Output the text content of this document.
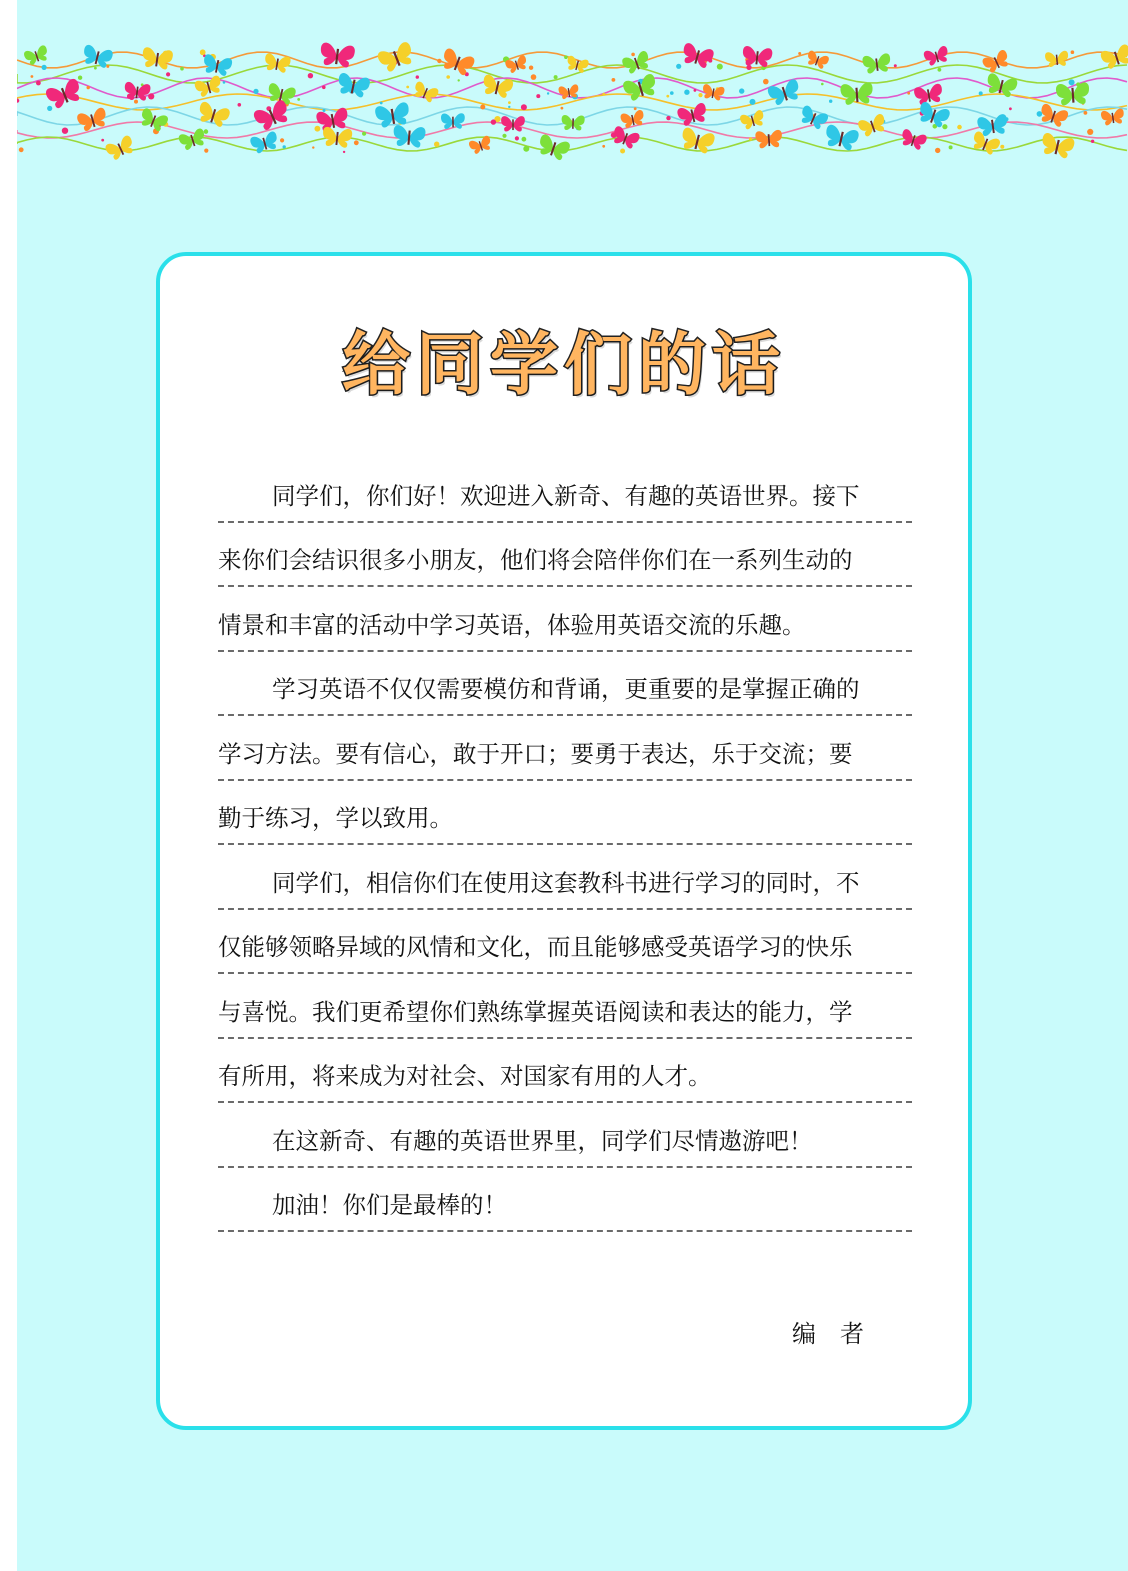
给同学们的话
同学们，你们好！欢迎进入新奇、有趣的英语世界。接下
来你们会结识很多小朋友，他们将会陪伴你们在一系列生动的
情景和丰富的活动中学习英语，体验用英语交流的乐趣。
学习英语不仅仅需要模仿和背诵，更重要的是掌握正确的
学习方法。要有信心，敢于开口；要勇于表达，乐于交流；要
勤于练习，学以致用。
同学们，相信你们在使用这套教科书进行学习的同时，不
仅能够领略异域的风情和文化，而且能够感受英语学习的快乐
与喜悦。我们更希望你们熟练掌握英语阅读和表达的能力，学
有所用，将来成为对社会、对国家有用的人才。
在这新奇、有趣的英语世界里，同学们尽情遨游吧！
加油！你们是最棒的！
编者
